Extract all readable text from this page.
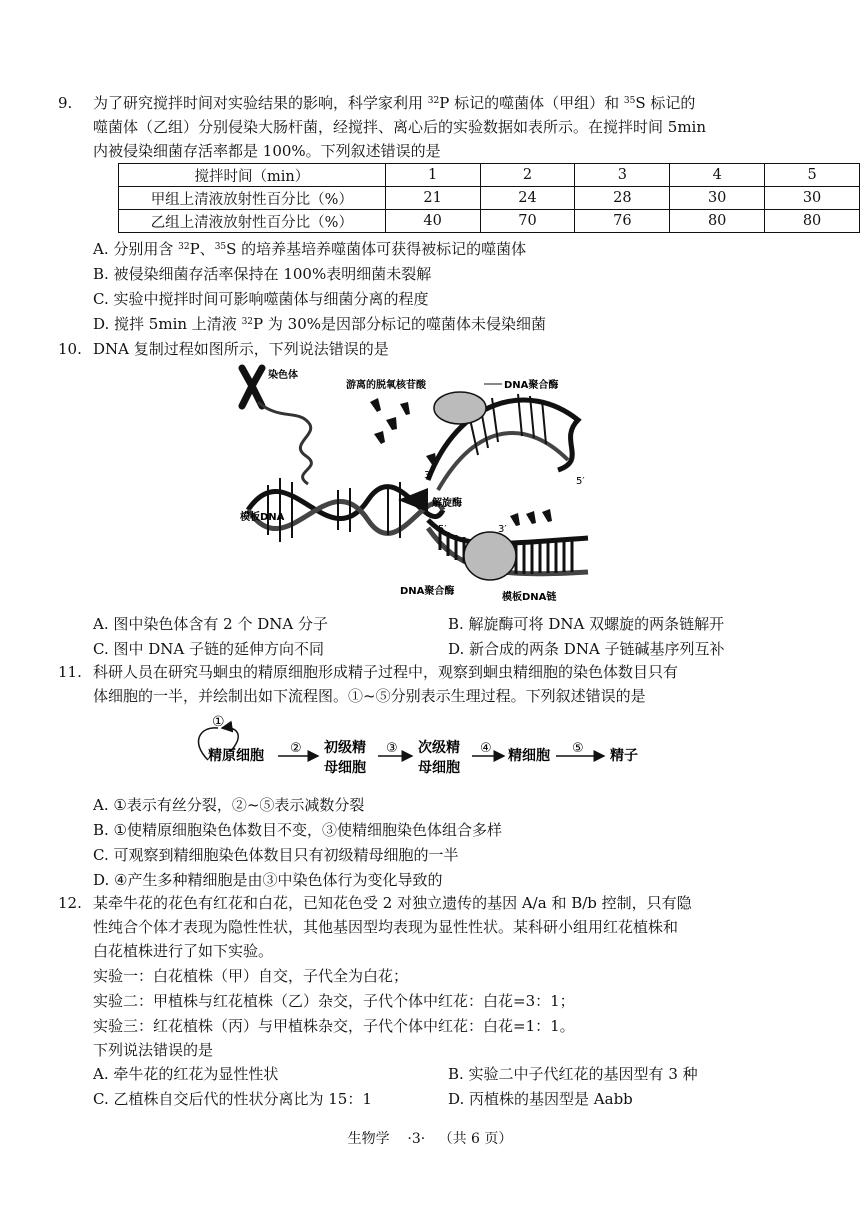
9. 为了研究搅拌时间对实验结果的影响，科学家利用 $^{32}$P 标记的噬菌体（甲组）和 $^{35}$S 标记的
噬菌体（乙组）分别侵染大肠杆菌，经搅拌、离心后的实验数据如表所示。在搅拌时间 5min
内被侵染细菌存活率都是 100%。下列叙述错误的是
搅拌时间（min）	1	2	3	4	5
甲组上清液放射性百分比（%）	21	24	28	30	30
乙组上清液放射性百分比（%）	40	70	76	80	80
A. 分别用含 $^{32}$P、$^{35}$S 的培养基培养噬菌体可获得被标记的噬菌体
B. 被侵染细菌存活率保持在 100%表明细菌未裂解
C. 实验中搅拌时间可影响噬菌体与细菌分离的程度
D. 搅拌 5min 上清液 $^{32}$P 为 30%是因部分标记的噬菌体未侵染细菌
10. DNA 复制过程如图所示，下列说法错误的是
染色体
游离的脱氧核苷酸	DNA聚合酶
解旋酶
模板DNA
DNA聚合酶
模板DNA链
5′
3′
5′	3′
A. 图中染色体含有 2 个 DNA 分子	B. 解旋酶可将 DNA 双螺旋的两条链解开
C. 图中 DNA 子链的延伸方向不同	D. 新合成的两条 DNA 子链碱基序列互补
11. 科研人员在研究马蛔虫的精原细胞形成精子过程中，观察到蛔虫精细胞的染色体数目只有
体细胞的一半，并绘制出如下流程图。①~⑤分别表示生理过程。下列叙述错误的是
①
精原细胞 ② 初级精
母细胞
③ 次级精
母细胞
④ 精细胞 ⑤ 精子
A. ①表示有丝分裂，②~⑤表示减数分裂
B. ①使精原细胞染色体数目不变，③使精细胞染色体组合多样
C. 可观察到精细胞染色体数目只有初级精母细胞的一半
D. ④产生多种精细胞是由③中染色体行为变化导致的
12. 某牵牛花的花色有红花和白花，已知花色受 2 对独立遗传的基因 A/a 和 B/b 控制，只有隐
性纯合个体才表现为隐性性状，其他基因型均表现为显性性状。某科研小组用红花植株和
白花植株进行了如下实验。
实验一：白花植株（甲）自交，子代全为白花；
实验二：甲植株与红花植株（乙）杂交，子代个体中红花：白花=3：1；
实验三：红花植株（丙）与甲植株杂交，子代个体中红花：白花=1：1。
下列说法错误的是
A. 牵牛花的红花为显性性状	B. 实验二中子代红花的基因型有 3 种
C. 乙植株自交后代的性状分离比为 15：1	D. 丙植株的基因型是 Aabb
生物学 ·3· （共 6 页）
